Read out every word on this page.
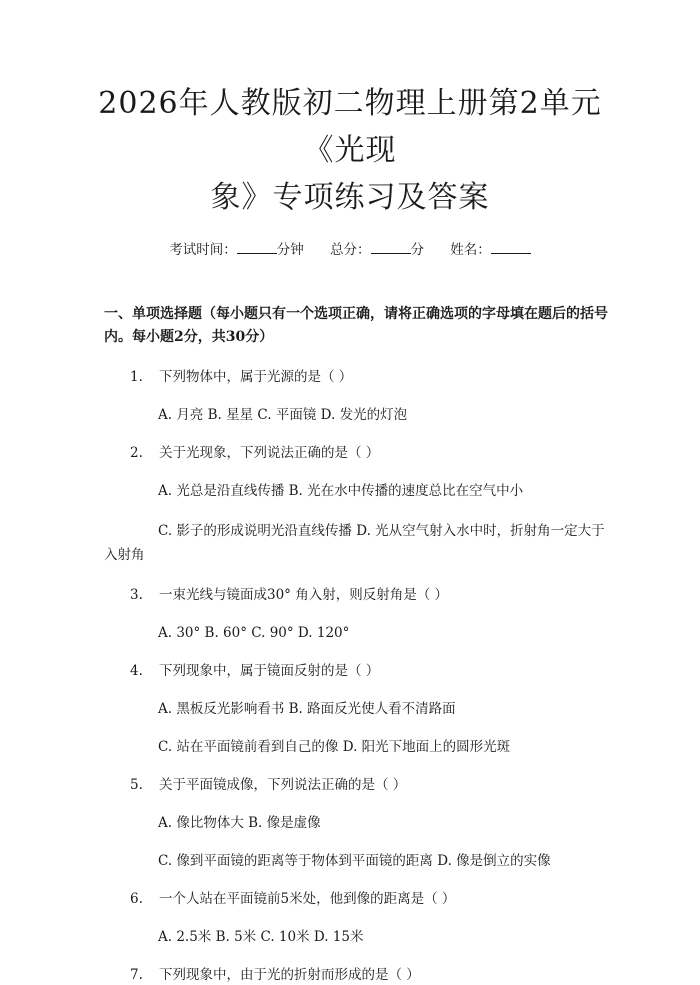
2026年人教版初二物理上册第2单元《光现
象》专项练习及答案
考试时间：	分钟 总分：	分 姓名：
一、单项选择题（每小题只有一个选项正确，请将正确选项的字母填在题后的括号内。每小题2分，共30分）
1.	下列物体中，属于光源的是（ ）
A. 月亮 B. 星星 C. 平面镜 D. 发光的灯泡
2.	关于光现象，下列说法正确的是（ ）
A. 光总是沿直线传播 B. 光在水中传播的速度总比在空气中小
C. 影子的形成说明光沿直线传播 D. 光从空气射入水中时，折射角一定大于入射角
3.	一束光线与镜面成30° 角入射，则反射角是（ ）
A. 30° B. 60° C. 90° D. 120°
4.	下列现象中，属于镜面反射的是（ ）
A. 黑板反光影响看书 B. 路面反光使人看不清路面
C. 站在平面镜前看到自己的像 D. 阳光下地面上的圆形光斑
5.	关于平面镜成像，下列说法正确的是（ ）
A. 像比物体大 B. 像是虚像
C. 像到平面镜的距离等于物体到平面镜的距离 D. 像是倒立的实像
6.	一个人站在平面镜前5米处，他到像的距离是（ ）
A. 2.5米 B. 5米 C. 10米 D. 15米
7.	下列现象中，由于光的折射而形成的是（ ）
